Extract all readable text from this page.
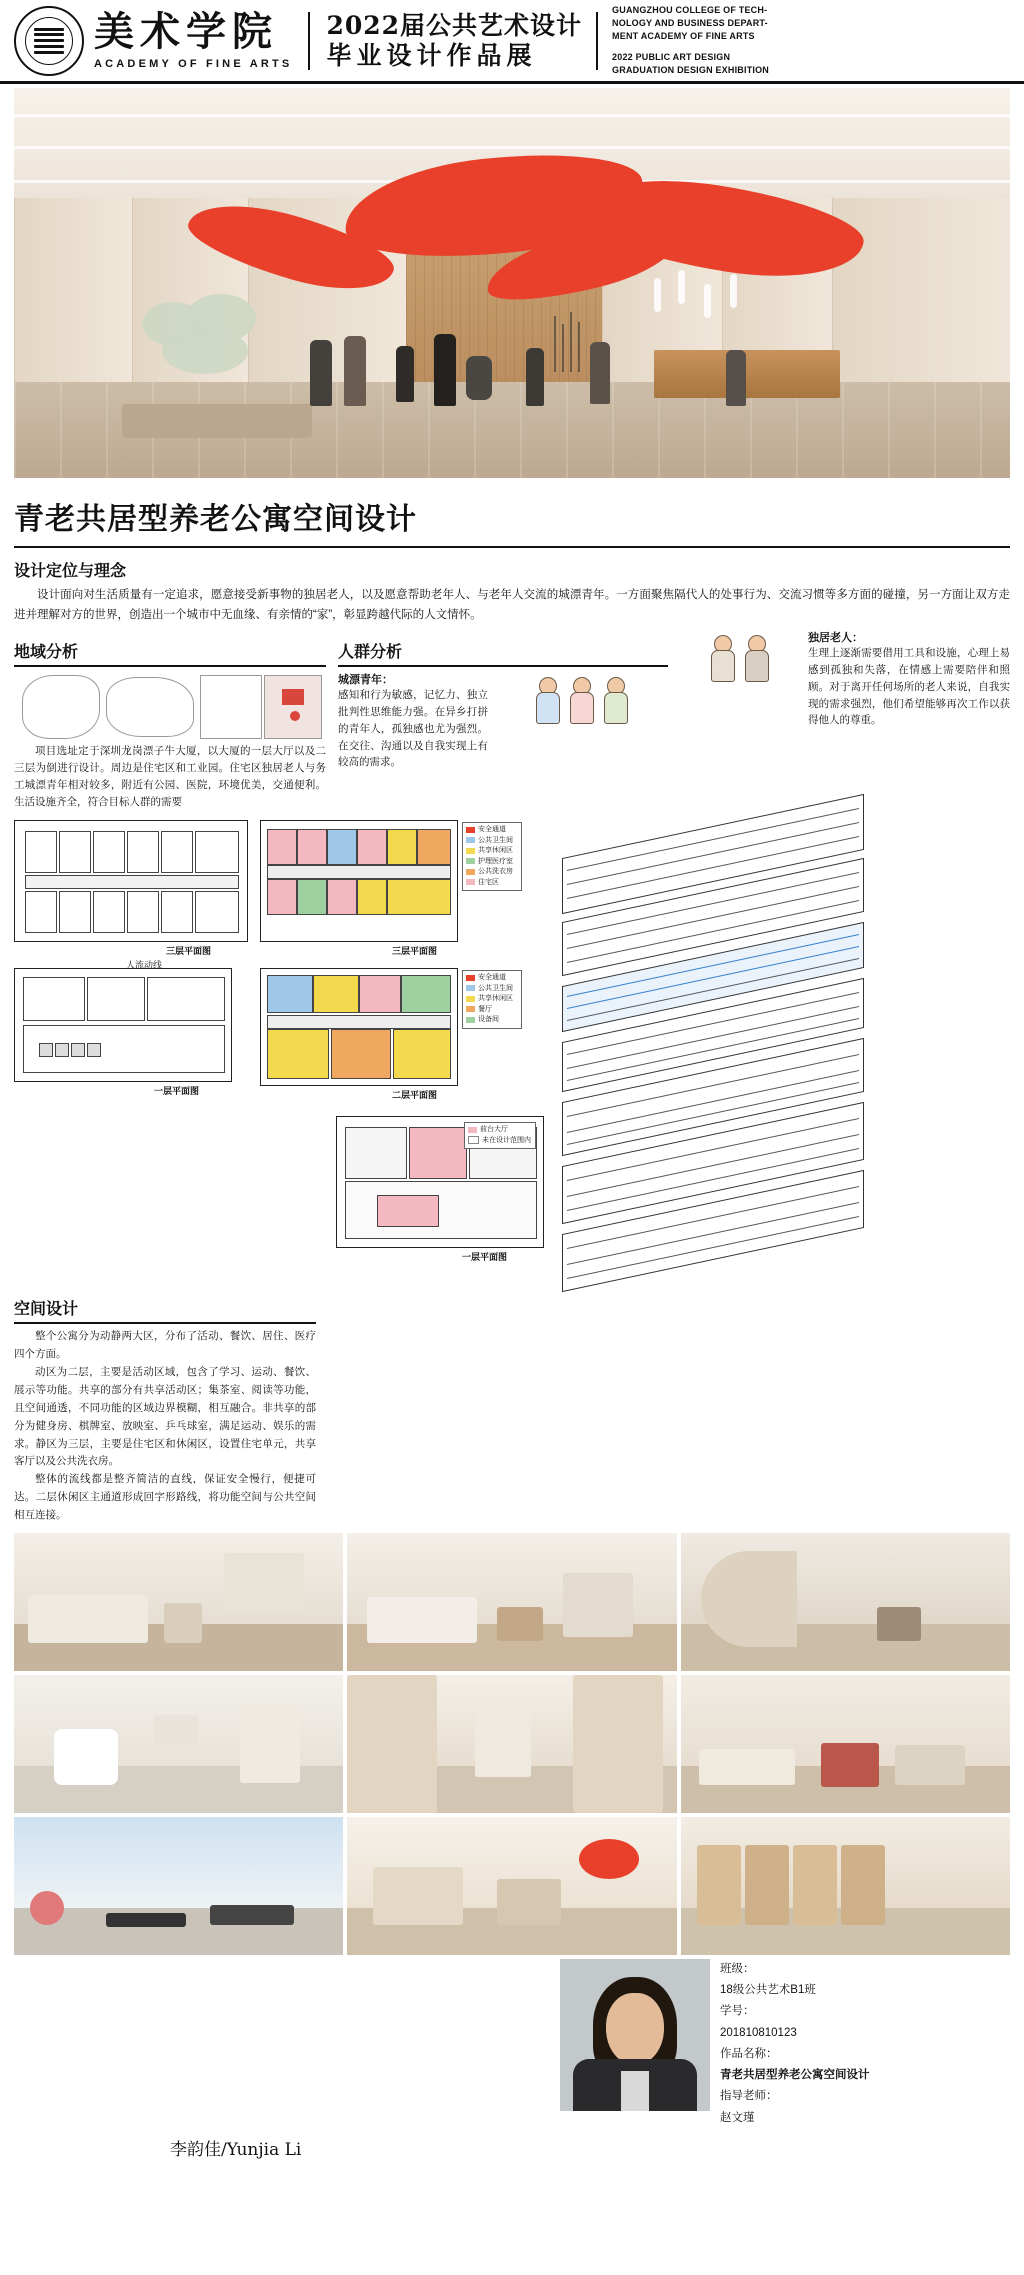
美术学院
ACADEMY OF FINE ARTS
2022届公共艺术设计
毕业设计作品展
GUANGZHOU COLLEGE OF TECH-
NOLOGY AND BUSINESS DEPART-
MENT ACADEMY OF FINE ARTS
2022 PUBLIC ART DESIGN
GRADUATION DESIGN EXHIBITION
青老共居型养老公寓空间设计
设计定位与理念
设计面向对生活质量有一定追求，愿意接受新事物的独居老人，以及愿意帮助老年人、与老年人交流的城漂青年。一方面聚焦隔代人的处事行为、交流习惯等多方面的碰撞，另一方面让双方走进并理解对方的世界，创造出一个城市中无血缘、有亲情的“家”，彰显跨越代际的人文情怀。
地域分析
项目选址定于深圳龙岗漂子牛大厦，以大厦的一层大厅以及二三层为倒进行设计。周边是住宅区和工业园。住宅区独居老人与务工城漂青年相对较多，附近有公园、医院，环境优美，交通便利。生活设施齐全，符合目标人群的需要
人群分析
城漂青年：
感知和行为敏感，记忆力、独立批判性思维能力强。在异乡打拼的青年人，孤独感也尤为强烈。在交往、沟通以及自我实现上有较高的需求。
独居老人：
生理上逐渐需要借用工具和设施，心理上易感到孤独和失落，在情感上需要陪伴和照顾。对于离开任何场所的老人来说，自我实现的需求强烈，他们希望能够再次工作以获得他人的尊重。
三层平面图
安全通道
公共卫生间
共享休闲区
护理医疗室
公共洗衣房
住宅区
三层平面图
一层平面图
人流动线
安全通道
公共卫生间
共享休闲区
餐厅
设备间
二层平面图
前台大厅
未在设计范围内
一层平面图
空间设计
整个公寓分为动静两大区，分布了活动、餐饮、居住、医疗四个方面。
动区为二层，主要是活动区域，包含了学习、运动、餐饮、展示等功能。共享的部分有共享活动区；集茶室、阅读等功能，且空间通透，不同功能的区域边界模糊，相互融合。非共享的部分为健身房、棋牌室、放映室、乒乓球室，满足运动、娱乐的需求。静区为三层，主要是住宅区和休闲区，设置住宅单元，共享客厅以及公共洗衣房。
整体的流线都是整齐简洁的直线，保证安全慢行，便捷可达。二层休闲区主通道形成回字形路线，将功能空间与公共空间相互连接。
班级：
18级公共艺术B1班
学号：
201810810123
作品名称：
青老共居型养老公寓空间设计
指导老师：
赵文瑾
李韵佳/Yunjia Li
